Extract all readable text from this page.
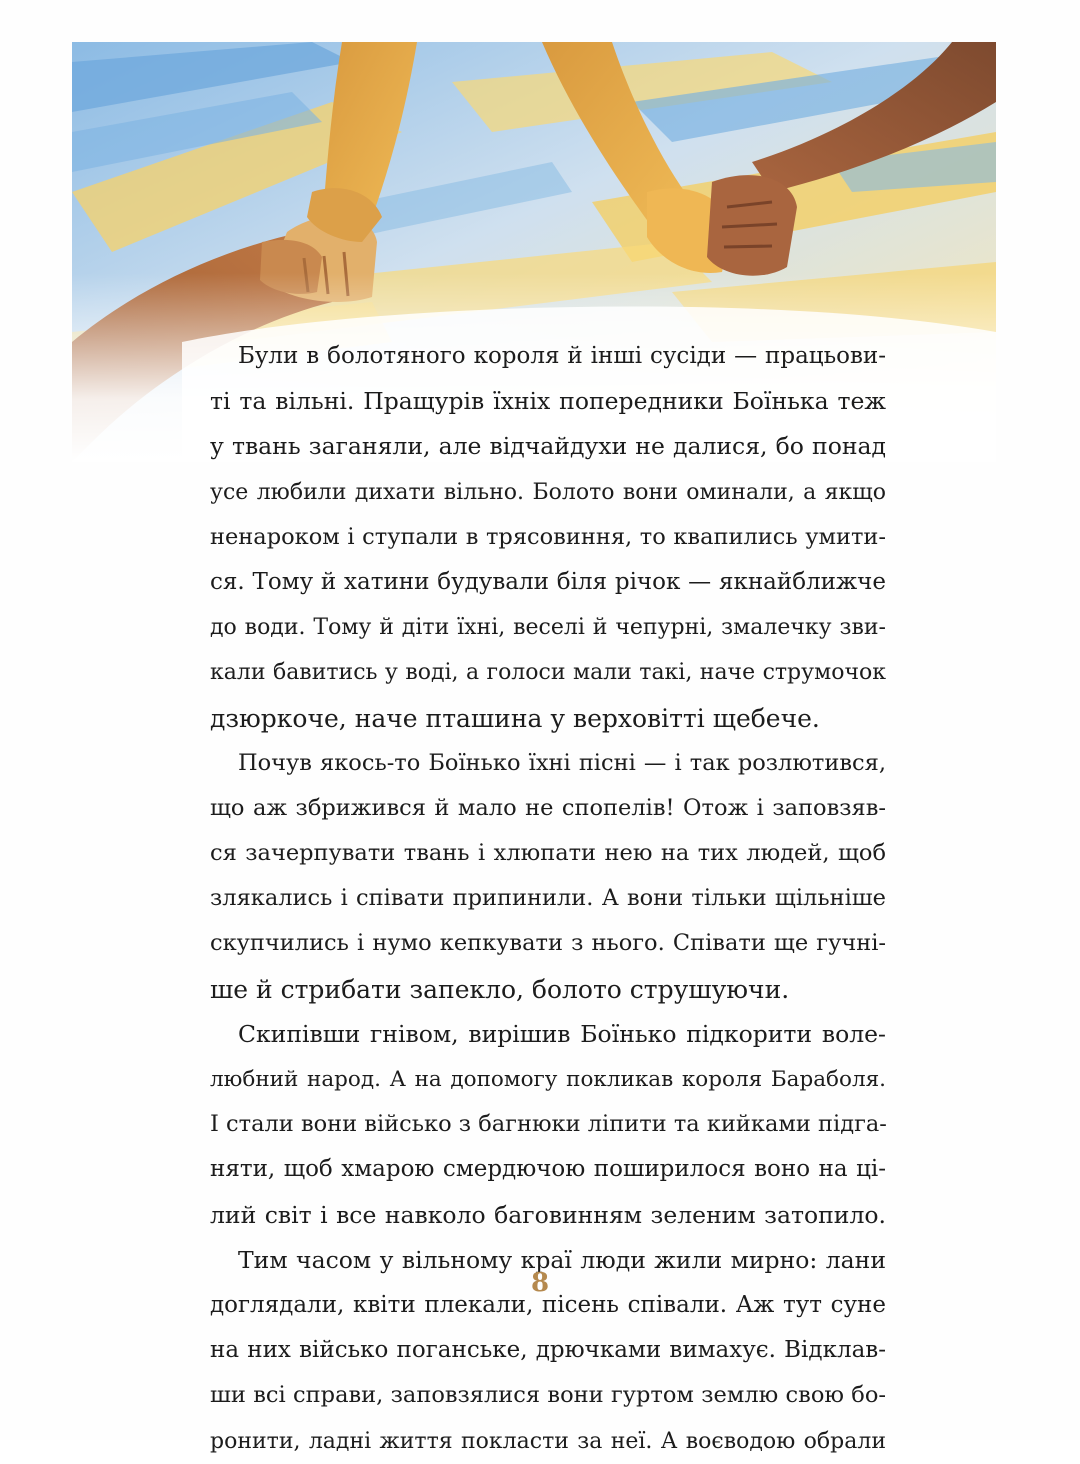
Були в болотяного короля й інші сусіди — працьови-
ті та вільні. Пращурів їхніх попередники Боїнька теж
у твань заганяли, але відчайдухи не далися, бо понад
усе любили дихати вільно. Болото вони оминали, а якщо
ненароком і ступали в трясовиння, то квапились умити-
ся. Тому й хатини будували біля річок — якнайближче
до води. Тому й діти їхні, веселі й чепурні, змалечку зви-
кали бавитись у воді, а голоси мали такі, наче струмочок
дзюркоче, наче пташина у верховітті щебече.
Почув якось-то Боїнько їхні пісні — і так розлютився,
що аж збрижився й мало не спопелів! Отож і заповзяв-
ся зачерпувати твань і хлюпати нею на тих людей, щоб
злякались і співати припинили. А вони тільки щільніше
скупчились і нумо кепкувати з нього. Співати ще гучні-
ше й стрибати запекло, болото струшуючи.
Скипівши гнівом, вирішив Боїнько підкорити воле-
любний народ. А на допомогу покликав короля Бараболя.
І стали вони військо з багнюки ліпити та кийками підга-
няти, щоб хмарою смердючою поширилося воно на ці-
лий світ і все навколо баговинням зеленим затопило.
Тим часом у вільному краї люди жили мирно: лани
доглядали, квіти плекали, пісень співали. Аж тут суне
на них військо поганське, дрючками вимахує. Відклав-
ши всі справи, заповзялися вони гуртом землю свою бо-
ронити, ладні життя покласти за неї. А воєводою обрали
8
